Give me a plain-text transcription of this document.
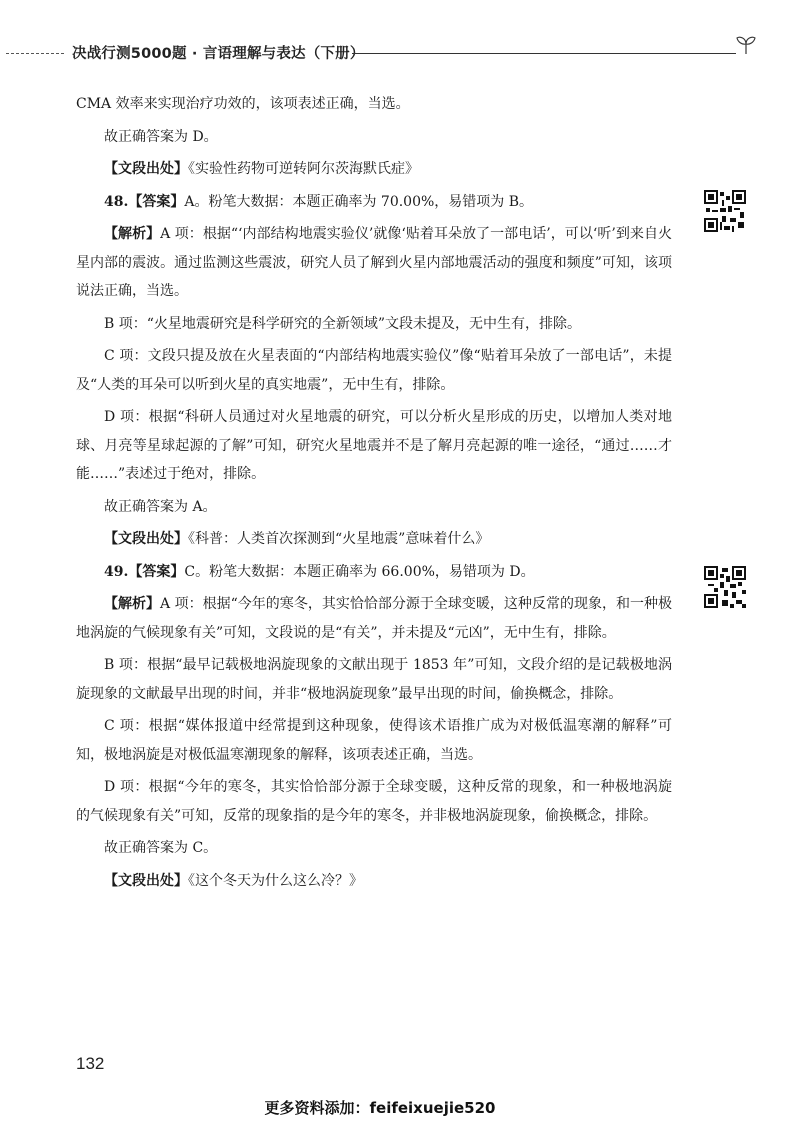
决战行测5000题 · 言语理解与表达（下册）

CMA 效率来实现治疗功效的，该项表述正确，当选。

故正确答案为 D。

【文段出处】《实验性药物可逆转阿尔茨海默氏症》

48.【答案】A。粉笔大数据：本题正确率为 70.00%，易错项为 B。

【解析】A 项：根据“‘内部结构地震实验仪’就像‘贴着耳朵放了一部电话’，可以‘听’到来自火星内部的震波。通过监测这些震波，研究人员了解到火星内部地震活动的强度和频度”可知，该项说法正确，当选。

B 项：“火星地震研究是科学研究的全新领域”文段未提及，无中生有，排除。

C 项：文段只提及放在火星表面的“内部结构地震实验仪”像“贴着耳朵放了一部电话”，未提及“人类的耳朵可以听到火星的真实地震”，无中生有，排除。

D 项：根据“科研人员通过对火星地震的研究，可以分析火星形成的历史，以增加人类对地球、月亮等星球起源的了解”可知，研究火星地震并不是了解月亮起源的唯一途径，“通过……才能……”表述过于绝对，排除。

故正确答案为 A。

【文段出处】《科普：人类首次探测到“火星地震”意味着什么》

49.【答案】C。粉笔大数据：本题正确率为 66.00%，易错项为 D。

【解析】A 项：根据“今年的寒冬，其实恰恰部分源于全球变暖，这种反常的现象，和一种极地涡旋的气候现象有关”可知，文段说的是“有关”，并未提及“元凶”，无中生有，排除。

B 项：根据“最早记载极地涡旋现象的文献出现于 1853 年”可知，文段介绍的是记载极地涡旋现象的文献最早出现的时间，并非“极地涡旋现象”最早出现的时间，偷换概念，排除。

C 项：根据“媒体报道中经常提到这种现象，使得该术语推广成为对极低温寒潮的解释”可知，极地涡旋是对极低温寒潮现象的解释，该项表述正确，当选。

D 项：根据“今年的寒冬，其实恰恰部分源于全球变暖，这种反常的现象，和一种极地涡旋的气候现象有关”可知，反常的现象指的是今年的寒冬，并非极地涡旋现象，偷换概念，排除。

故正确答案为 C。

【文段出处】《这个冬天为什么这么冷？》

132
更多资料添加：feifeixuejie520
